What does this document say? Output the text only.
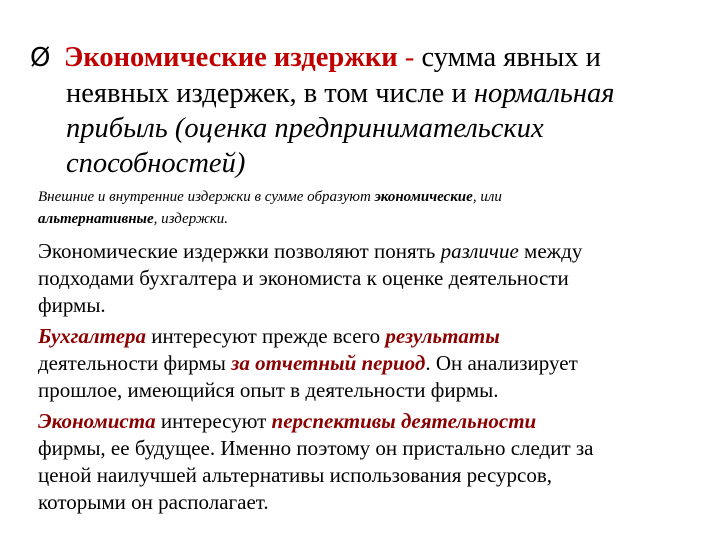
Ø Экономические издержки - сумма явных и
неявных издержек, в том числе и нормальная
прибыль (оценка предпринимательских
способностей)
Внешние и внутренние издержки в сумме образуют экономические, или
альтернативные, издержки.
Экономические издержки позволяют понять различие между
подходами бухгалтера и экономиста к оценке деятельности
фирмы.
Бухгалтера интересуют прежде всего результаты
деятельности фирмы за отчетный период. Он анализирует
прошлое, имеющийся опыт в деятельности фирмы.
Экономиста интересуют перспективы деятельности
фирмы, ее будущее. Именно поэтому он пристально следит за
ценой наилучшей альтернативы использования ресурсов,
которыми он располагает.
